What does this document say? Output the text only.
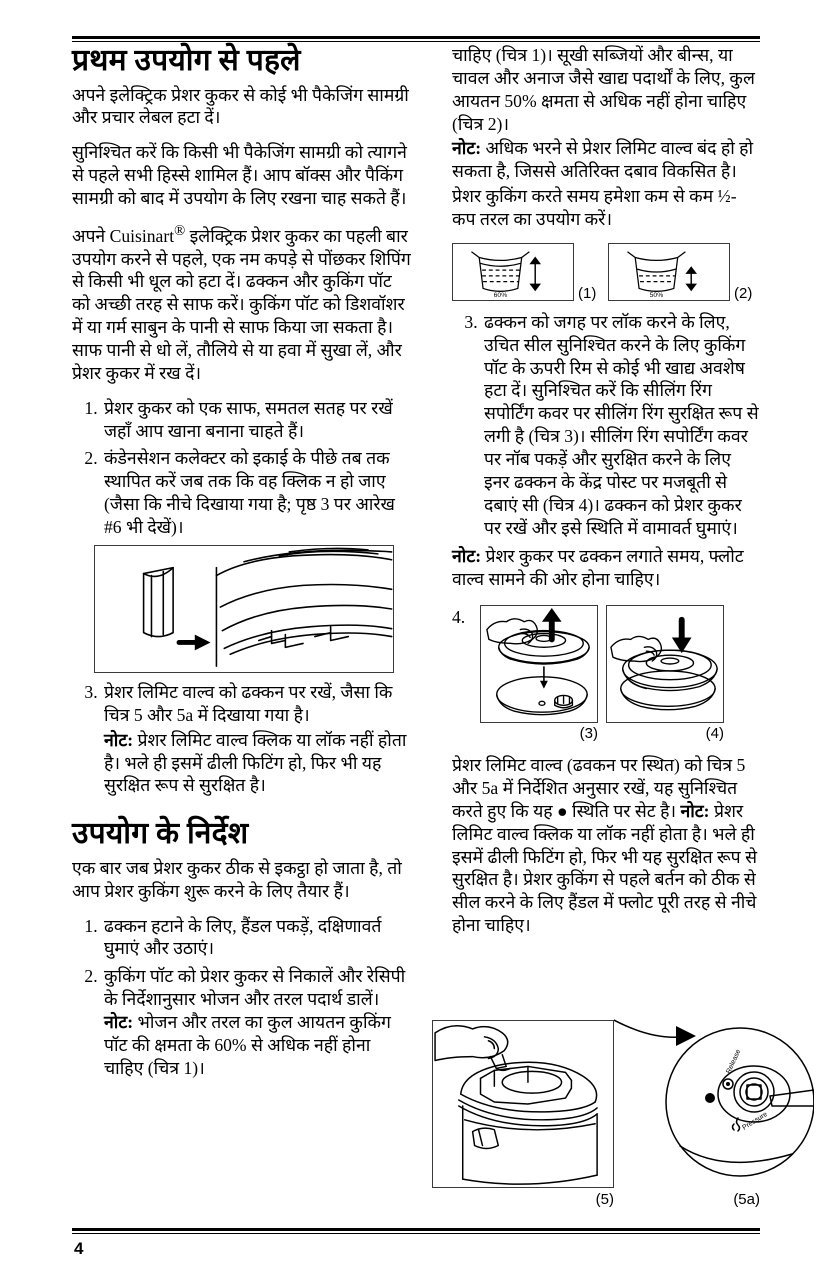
4
प्रथम उपयोग से पहले

अपने इलेक्ट्रिक प्रेशर कुकर से कोई भी पैकेजिंग सामग्री और प्रचार लेबल हटा दें।

सुनिश्चित करें कि किसी भी पैकेजिंग सामग्री को त्यागने से पहले सभी हिस्से शामिल हैं। आप बॉक्स और पैकिंग सामग्री को बाद में उपयोग के लिए रखना चाह सकते हैं।

अपने Cuisinart® इलेक्ट्रिक प्रेशर कुकर का पहली बार उपयोग करने से पहले, एक नम कपड़े से पोंछकर शिपिंग से किसी भी धूल को हटा दें। ढक्कन और कुकिंग पॉट को अच्छी तरह से साफ करें। कुकिंग पॉट को डिशवॉशर में या गर्म साबुन के पानी से साफ किया जा सकता है। साफ पानी से धो लें, तौलिये से या हवा में सुखा लें, और प्रेशर कुकर में रख दें।

1. प्रेशर कुकर को एक साफ, समतल सतह पर रखें जहाँ आप खाना बनाना चाहते हैं।
2. कंडेनसेशन कलेक्टर को इकाई के पीछे तब तक स्थापित करें जब तक कि वह क्लिक न हो जाए (जैसा कि नीचे दिखाया गया है; पृष्ठ 3 पर आरेख #6 भी देखें)।
3. प्रेशर लिमिट वाल्व को ढक्कन पर रखें, जैसा कि चित्र 5 और 5a में दिखाया गया है।
नोट: प्रेशर लिमिट वाल्व क्लिक या लॉक नहीं होता है। भले ही इसमें ढीली फिटिंग हो, फिर भी यह सुरक्षित रूप से सुरक्षित है।
उपयोग के निर्देश

एक बार जब प्रेशर कुकर ठीक से इकट्ठा हो जाता है, तो आप प्रेशर कुकिंग शुरू करने के लिए तैयार हैं।

1. ढक्कन हटाने के लिए, हैंडल पकड़ें, दक्षिणावर्त घुमाएं और उठाएं।
2. कुकिंग पॉट को प्रेशर कुकर से निकालें और रेसिपी के निर्देशानुसार भोजन और तरल पदार्थ डालें। नोट: भोजन और तरल का कुल आयतन कुकिंग पॉट की क्षमता के 60% से अधिक नहीं होना चाहिए (चित्र 1)।

चाहिए (चित्र 1)। सूखी सब्जियों और बीन्स, या चावल और अनाज जैसे खाद्य पदार्थों के लिए, कुल आयतन 50% क्षमता से अधिक नहीं होना चाहिए (चित्र 2)।

नोट: अधिक भरने से प्रेशर लिमिट वाल्व बंद हो हो सकता है, जिससे अतिरिक्त दबाव विकसित है।

प्रेशर कुकिंग करते समय हमेशा कम से कम ½-कप तरल का उपयोग करें।

60%	(1)	50%	(2)
3. ढक्कन को जगह पर लॉक करने के लिए, उचित सील सुनिश्चित करने के लिए कुकिंग पॉट के ऊपरी रिम से कोई भी खाद्य अवशेष हटा दें। सुनिश्चित करें कि सीलिंग रिंग सपोर्टिंग कवर पर सीलिंग रिंग सुरक्षित रूप से लगी है (चित्र 3)। सीलिंग रिंग सपोर्टिंग कवर पर नॉब पकड़ें और सुरक्षित करने के लिए इनर ढक्कन के केंद्र पोस्ट पर मजबूती से दबाएं सी (चित्र 4)। ढक्कन को प्रेशर कुकर पर रखें और इसे स्थिति में वामावर्त घुमाएं।

नोट: प्रेशर कुकर पर ढक्कन लगाते समय, फ्लोट वाल्व सामने की ओर होना चाहिए।

4.
(3)	(4)

प्रेशर लिमिट वाल्व (ढवकन पर स्थित) को चित्र 5 और 5a में निर्देशित अनुसार रखें, यह सुनिश्चित करते हुए कि यह ● स्थिति पर सेट है। नोट: प्रेशर लिमिट वाल्व क्लिक या लॉक नहीं होता है। भले ही इसमें ढीली फिटिंग हो, फिर भी यह सुरक्षित रूप से सुरक्षित है। प्रेशर कुकिंग से पहले बर्तन को ठीक से सील करने के लिए हैंडल में फ्लोट पूरी तरह से नीचे होना चाहिए।

(5)
Release
Pressure
(5a)
